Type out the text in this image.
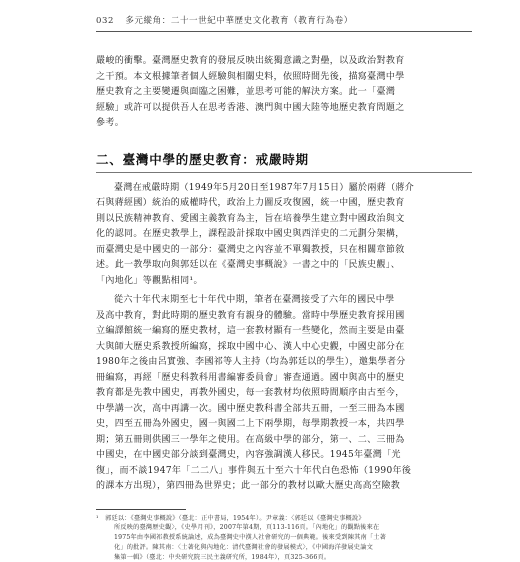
032 多元縱角：二十一世紀中華歷史文化教育（教育行為卷）
嚴峻的衝擊。臺灣歷史教育的發展反映出統獨意識之對壘，以及政治對教育
之干預。本文根據筆者個人經驗與相關史料，依照時間先後，描寫臺灣中學
歷史教育之主要變遷與面臨之困難，並思考可能的解決方案。此一「臺灣
經驗」或許可以提供吾人在思考香港、澳門與中國大陸等地歷史教育問題之
參考。
二、臺灣中學的歷史教育：戒嚴時期
臺灣在戒嚴時期（1949年5月20日至1987年7月15日）屬於兩蔣（蔣介
石與蔣經國）統治的威權時代，政治上力圖反攻復國，統一中國，歷史教育
則以民族精神教育、愛國主義教育為主，旨在培養學生建立對中國政治與文
化的認同。在歷史教學上，課程設計採取中國史與西洋史的二元劃分架構，
而臺灣史是中國史的一部分：臺灣史之內容並不單獨教授，只在相關章節敘
述。此一教學取向與郭廷以在《臺灣史事概說》一書之中的「民族史觀」、
「內地化」等觀點相同¹。
從六十年代末期至七十年代中期，筆者在臺灣接受了六年的國民中學
及高中教育，對此時期的歷史教育有親身的體驗。當時中學歷史教育採用國
立編譯館統一編寫的歷史教材，這一套教材顯有一些變化，然而主要是由臺
大與師大歷史系教授所編寫，採取中國中心、漢人中心史觀，中國史部分在
1980年之後由呂實強、李國祁等人主持（均為郭廷以的學生），邀集學者分
冊編寫，再經「歷史科教科用書編審委員會」審查通過。國中與高中的歷史
教育都是先教中國史，再教外國史，每一套教材均依照時間順序由古至今，
中學講一次，高中再講一次。國中歷史教科書全部共五冊，一至三冊為本國
史，四至五冊為外國史，國一與國二上下兩學期，每學期教授一本，共四學
期；第五冊則供國三一學年之使用。在高級中學的部分，第一、二、三冊為
中國史，在中國史部分談到臺灣史，內容強調漢人移民。1945年臺灣「光
復」，而不談1947年「二二八」事件與五十至六十年代白色恐怖（1990年後
的課本方出現），第四冊為世界史；此一部分的教材以歐大歷史高高空險教
¹　郭廷以：《臺灣史事概說》（臺北：正中書局，1954年）。尹章義：〈郭廷以《臺灣史事概說》
所反映的臺灣歷史觀〉，《史學月刊》，2007年第4期，頁113-116頁。「內地化」的觀點後來在
1975年由李國祁教授系統論述，成為臺灣史中漢人社會研究的一個典範。後來受到陳其南「土著
化」的批評。陳其南：〈土著化與內地化：清代臺灣社會的發展模式〉，《中國海洋發展史論文
集第一輯》（臺北：中央研究院三民主義研究所，1984年），頁325-366頁。
